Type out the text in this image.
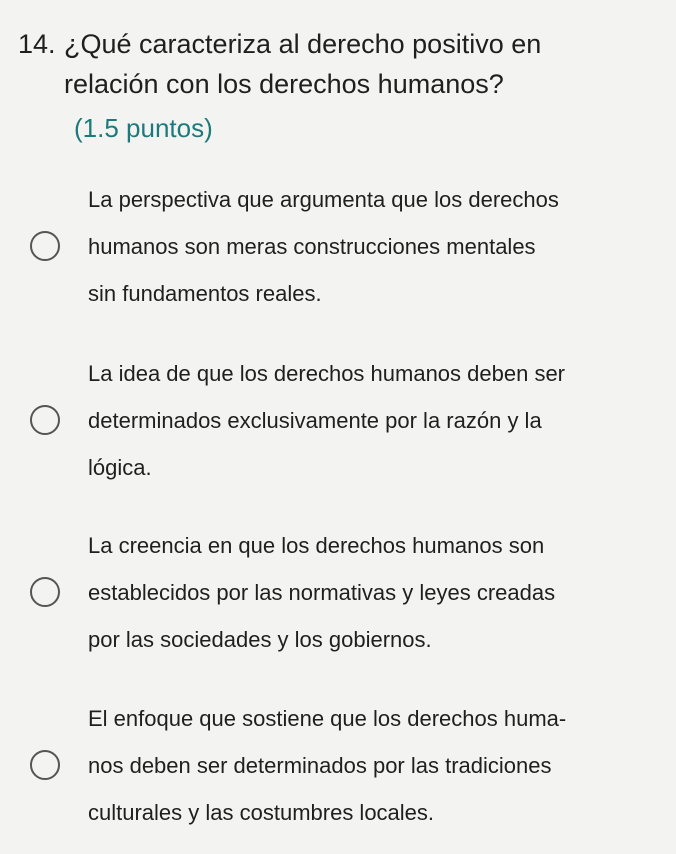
14. ¿Qué caracteriza al derecho positivo en
relación con los derechos humanos?
(1.5 puntos)
La perspectiva que argumenta que los derechos
humanos son meras construcciones mentales
sin fundamentos reales.
La idea de que los derechos humanos deben ser
determinados exclusivamente por la razón y la
lógica.
La creencia en que los derechos humanos son
establecidos por las normativas y leyes creadas
por las sociedades y los gobiernos.
El enfoque que sostiene que los derechos huma-
nos deben ser determinados por las tradiciones
culturales y las costumbres locales.
